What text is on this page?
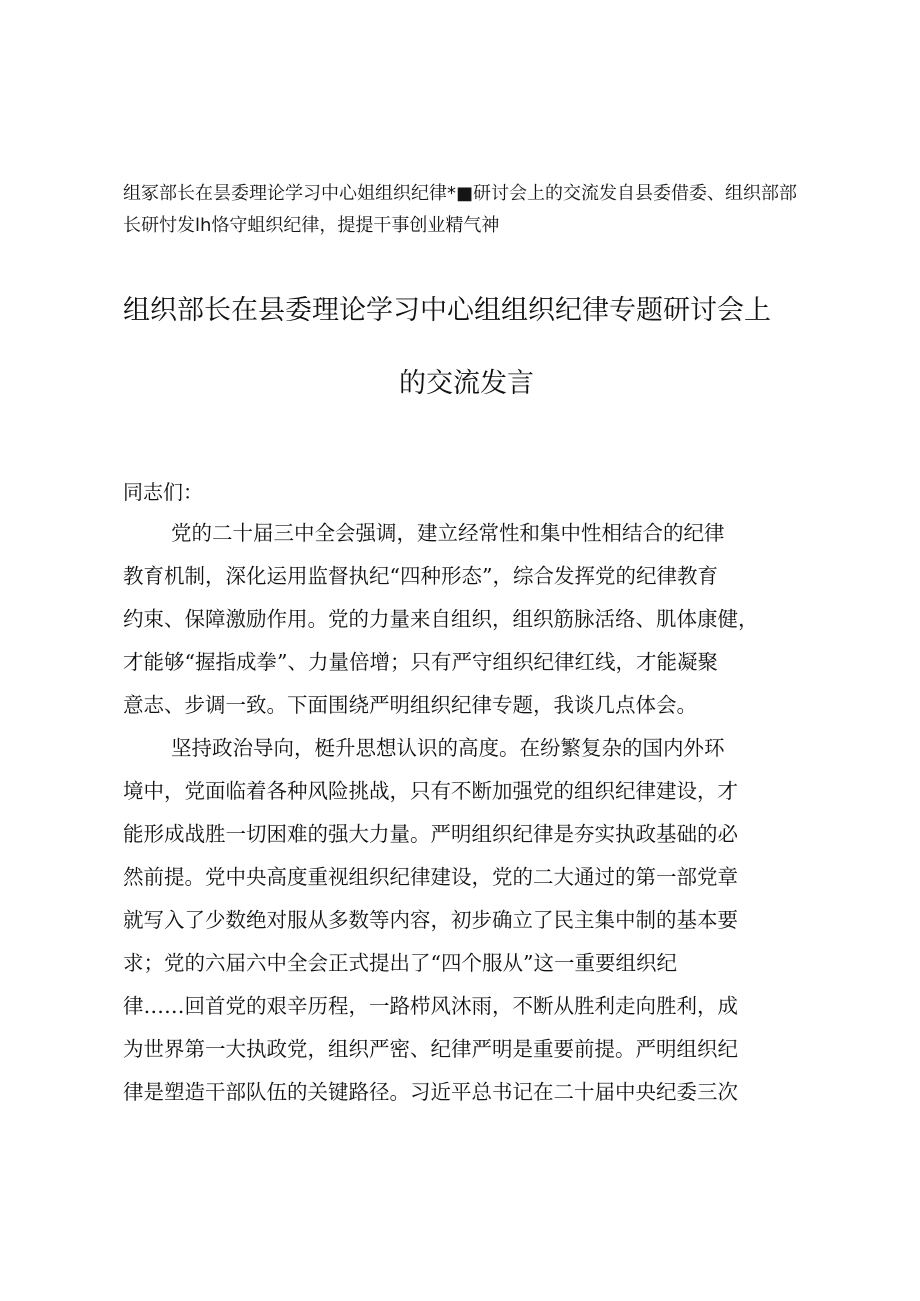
组冢部长在昙委理论学习中心姐组织纪律*■研讨会上的交流发自县委借委、组织部部
长研忖发lh恪守蛆织纪律，提提干事创业精气神

组织部长在县委理论学习中心组组织纪律专题研讨会上
的交流发言

同志们：

党的二十届三中全会强调，建立经常性和集中性相结合的纪律

教育机制，深化运用监督执纪“四种形态”，综合发挥党的纪律教育

约束、保障激励作用。党的力量来自组织，组织筋脉活络、肌体康健，

才能够“握指成拳”、力量倍增；只有严守组织纪律红线，才能凝聚

意志、步调一致。下面围绕严明组织纪律专题，我谈几点体会。

坚持政治导向，梃升思想认识的高度。在纷繁复杂的国内外环

境中，党面临着各种风险挑战，只有不断加强党的组织纪律建设，才

能形成战胜一切困难的强大力量。严明组织纪律是夯实执政基础的必

然前提。党中央高度重视组织纪律建设，党的二大通过的第一部党章

就写入了少数绝对服从多数等内容，初步确立了民主集中制的基本要

求；党的六届六中全会正式提出了“四个服从”这一重要组织纪

律……回首党的艰辛历程，一路栉风沐雨，不断从胜利走向胜利，成

为世界第一大执政党，组织严密、纪律严明是重要前提。严明组织纪

律是塑造干部队伍的关键路径。习近平总书记在二十届中央纪委三次
